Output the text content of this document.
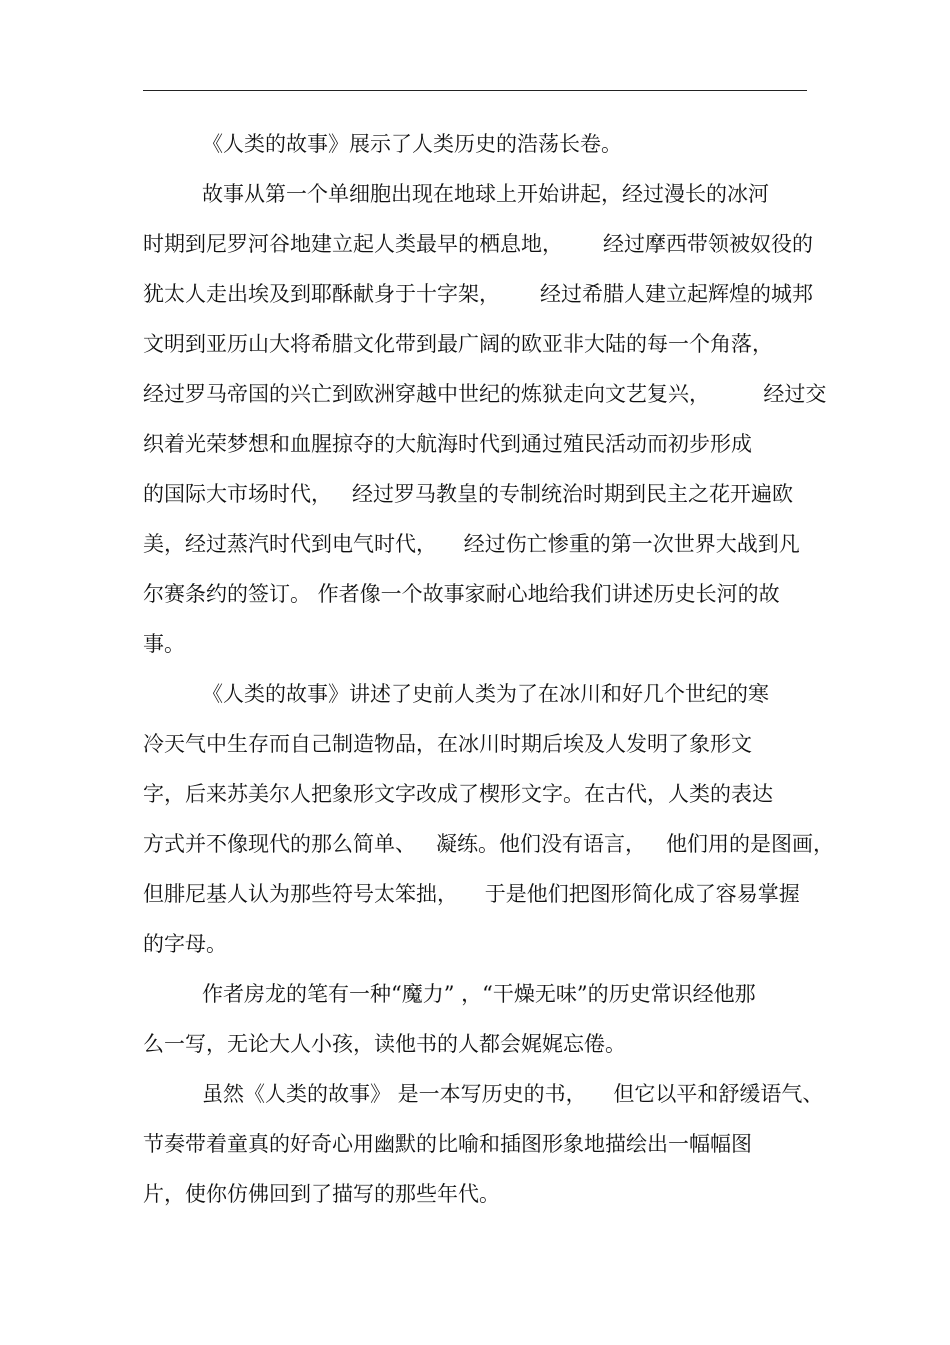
《人类的故事》展示了人类历史的浩荡长卷。
故事从第一个单细胞出现在地球上开始讲起，经过漫长的冰河
时期到尼罗河谷地建立起人类最早的栖息地，      经过摩西带领被奴役的
犹太人走出埃及到耶酥献身于十字架，      经过希腊人建立起辉煌的城邦
文明到亚历山大将希腊文化带到最广阔的欧亚非大陆的每一个角落，
经过罗马帝国的兴亡到欧洲穿越中世纪的炼狱走向文艺复兴，        经过交
织着光荣梦想和血腥掠夺的大航海时代到通过殖民活动而初步形成
的国际大市场时代，   经过罗马教皇的专制统治时期到民主之花开遍欧
美，经过蒸汽时代到电气时代，    经过伤亡惨重的第一次世界大战到凡
尔赛条约的签订。 作者像一个故事家耐心地给我们讲述历史长河的故
事。
《人类的故事》讲述了史前人类为了在冰川和好几个世纪的寒
冷天气中生存而自己制造物品，在冰川时期后埃及人发明了象形文
字，后来苏美尔人把象形文字改成了楔形文字。在古代，人类的表达
方式并不像现代的那么简单、   凝练。他们没有语言，   他们用的是图画，
但腓尼基人认为那些符号太笨拙，    于是他们把图形简化成了容易掌握
的字母。
作者房龙的笔有一种“魔力” ，“干燥无味”的历史常识经他那
么一写，无论大人小孩，读他书的人都会娓娓忘倦。
虽然《人类的故事》 是一本写历史的书，    但它以平和舒缓语气、
节奏带着童真的好奇心用幽默的比喻和插图形象地描绘出一幅幅图
片，使你仿佛回到了描写的那些年代。
